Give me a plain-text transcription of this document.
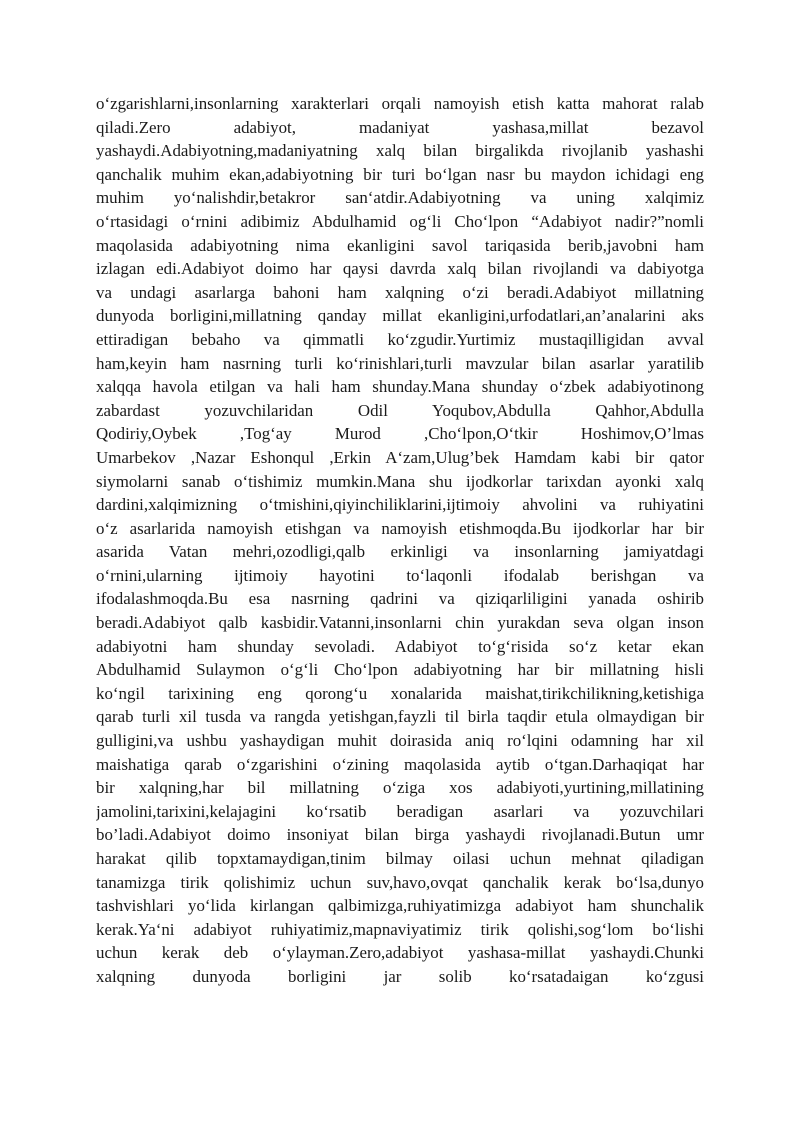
o‘zgarishlarni,insonlarning xarakterlari orqali namoyish etish katta mahorat ralab
qiladi.Zero adabiyot, madaniyat yashasa,millat bezavol
yashaydi.Adabiyotning,madaniyatning xalq bilan birgalikda rivojlanib yashashi
qanchalik muhim ekan,adabiyotning bir turi bo‘lgan nasr bu maydon ichidagi eng
muhim yo‘nalishdir,betakror san‘atdir.Adabiyotning va uning xalqimiz
o‘rtasidagi o‘rnini adibimiz Abdulhamid og‘li Cho‘lpon “Adabiyot nadir?”nomli
maqolasida adabiyotning nima ekanligini savol tariqasida berib,javobni ham
izlagan edi.Adabiyot doimo har qaysi davrda xalq bilan rivojlandi va dabiyotga
va undagi asarlarga bahoni ham xalqning o‘zi beradi.Adabiyot millatning
dunyoda borligini,millatning qanday millat ekanligini,urfodatlari,an’analarini aks
ettiradigan bebaho va qimmatli ko‘zgudir.Yurtimiz mustaqilligidan avval
ham,keyin ham nasrning turli ko‘rinishlari,turli mavzular bilan asarlar yaratilib
xalqqa havola etilgan va hali ham shunday.Mana shunday o‘zbek adabiyotinong
zabardast yozuvchilaridan Odil Yoqubov,Abdulla Qahhor,Abdulla
Qodiriy,Oybek ,Tog‘ay Murod ,Cho‘lpon,O‘tkir Hoshimov,O’lmas
Umarbekov ,Nazar Eshonqul ,Erkin A‘zam,Ulug’bek Hamdam kabi bir qator
siymolarni sanab o‘tishimiz mumkin.Mana shu ijodkorlar tarixdan ayonki xalq
dardini,xalqimizning o‘tmishini,qiyinchiliklarini,ijtimoiy ahvolini va ruhiyatini
o‘z asarlarida namoyish etishgan va namoyish etishmoqda.Bu ijodkorlar har bir
asarida Vatan mehri,ozodligi,qalb erkinligi va insonlarning jamiyatdagi
o‘rnini,ularning ijtimoiy hayotini to‘laqonli ifodalab berishgan va
ifodalashmoqda.Bu esa nasrning qadrini va qiziqarliligini yanada oshirib
beradi.Adabiyot qalb kasbidir.Vatanni,insonlarni chin yurakdan seva olgan inson
adabiyotni ham shunday sevoladi. Adabiyot to‘g‘risida so‘z ketar ekan
Abdulhamid Sulaymon o‘g‘li Cho‘lpon adabiyotning har bir millatning hisli
ko‘ngil tarixining eng qorong‘u xonalarida maishat,tirikchilikning,ketishiga
qarab turli xil tusda va rangda yetishgan,fayzli til birla taqdir etula olmaydigan bir
gulligini,va ushbu yashaydigan muhit doirasida aniq ro‘lqini odamning har xil
maishatiga qarab o‘zgarishini o‘zining maqolasida aytib o‘tgan.Darhaqiqat har
bir xalqning,har bil millatning o‘ziga xos adabiyoti,yurtining,millatining
jamolini,tarixini,kelajagini ko‘rsatib beradigan asarlari va yozuvchilari
bo’ladi.Adabiyot doimo insoniyat bilan birga yashaydi rivojlanadi.Butun umr
harakat qilib topxtamaydigan,tinim bilmay oilasi uchun mehnat qiladigan
tanamizga tirik qolishimiz uchun suv,havo,ovqat qanchalik kerak bo‘lsa,dunyo
tashvishlari yo‘lida kirlangan qalbimizga,ruhiyatimizga adabiyot ham shunchalik
kerak.Ya‘ni adabiyot ruhiyatimiz,mapnaviyatimiz tirik qolishi,sog‘lom bo‘lishi
uchun kerak deb o‘ylayman.Zero,adabiyot yashasa-millat yashaydi.Chunki
xalqning dunyoda borligini jar solib ko‘rsatadaigan ko‘zgusi
